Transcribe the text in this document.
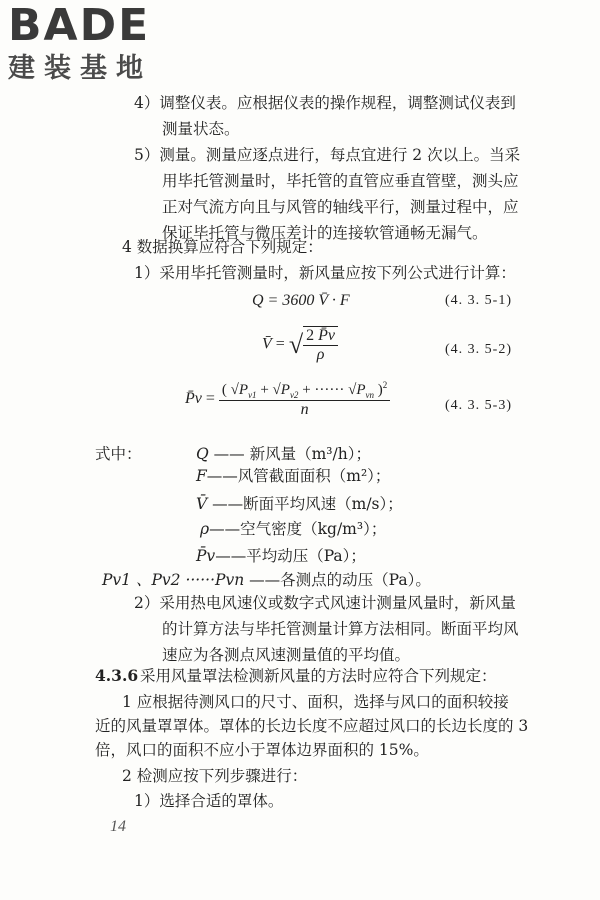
BADE
建装基地
4）调整仪表。应根据仪表的操作规程，调整测试仪表到
测量状态。
5）测量。测量应逐点进行，每点宜进行 2 次以上。当采
用毕托管测量时，毕托管的直管应垂直管壁，测头应
正对气流方向且与风管的轴线平行，测量过程中，应
保证毕托管与微压差计的连接软管通畅无漏气。
4 数据换算应符合下列规定：
1）采用毕托管测量时，新风量应按下列公式进行计算：
Q = 3600 V̄ · F	(4. 3. 5-1)
V̄ = √ $\frac{2 P̄v}{\rho}$	(4. 3. 5-2)
P̄v = $\frac{( √P_{v1} + √P_{v2} + \cdot\cdot\cdot\cdot\cdot\cdot √P_{vn} )^2}{n}$	(4. 3. 5-3)
式中：	Q —— 新风量（m³/h）；
F——风管截面面积（m²）；
V̄ ——断面平均风速（m/s）；
ρ——空气密度（kg/m³）；
P̄v——平均动压（Pa）；
Pv1 、Pv2 ······Pvn ——各测点的动压（Pa）。
2）采用热电风速仪或数字式风速计测量风量时，新风量
的计算方法与毕托管测量计算方法相同。断面平均风
速应为各测点风速测量值的平均值。
4.3.6 采用风量罩法检测新风量的方法时应符合下列规定：
1 应根据待测风口的尺寸、面积，选择与风口的面积较接
近的风量罩罩体。罩体的长边长度不应超过风口的长边长度的 3
倍，风口的面积不应小于罩体边界面积的 15%。
2 检测应按下列步骤进行：
1）选择合适的罩体。
14
